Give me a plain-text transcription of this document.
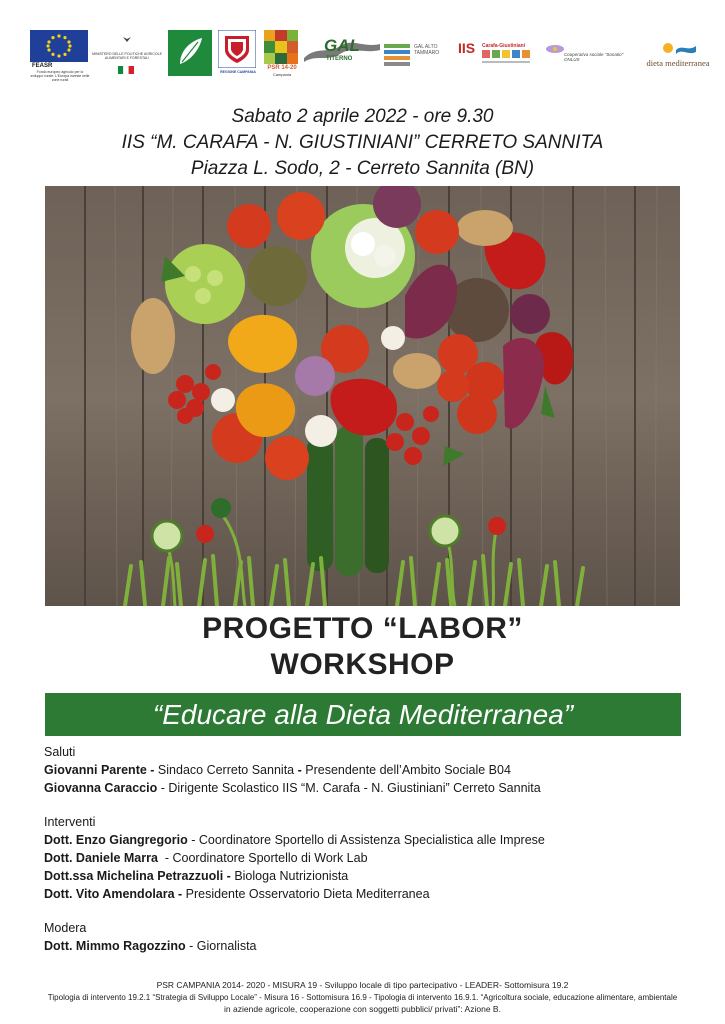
FEASR
Fondo europeo agricolo per lo sviluppo rurale: L'Europa investe nelle zone rurali
MINISTERO DELLE POLITICHE AGRICOLE ALIMENTARI E FORESTALI
REGIONE CAMPANIA
PSR 14-20
Campania
GAL
TITERNO
GAL ALTO TAMMARO	IIS Carafa-Giustiniani
Cooperativa sociale "Sonatio" ONLUS	dieta mediterranea
Sabato 2 aprile 2022 - ore 9.30
IIS “M. CARAFA - N. GIUSTINIANI” CERRETO SANNITA
Piazza L. Sodo, 2 - Cerreto Sannita (BN)
PROGETTO “LABOR”
WORKSHOP
“Educare alla Dieta Mediterranea”
Saluti
Giovanni Parente - Sindaco Cerreto Sannita - Presendente dell’Ambito Sociale B04
Giovanna Caraccio - Dirigente Scolastico IIS “M. Carafa - N. Giustiniani” Cerreto Sannita
Interventi
Dott. Enzo Giangregorio - Coordinatore Sportello di Assistenza Specialistica alle Imprese
Dott. Daniele Marra  - Coordinatore Sportello di Work Lab
Dott.ssa Michelina Petrazzuoli - Biologa Nutrizionista
Dott. Vito Amendolara - Presidente Osservatorio Dieta Mediterranea
Modera
Dott. Mimmo Ragozzino - Giornalista
PSR CAMPANIA 2014- 2020 - MISURA 19 - Sviluppo locale di tipo partecipativo - LEADER- Sottomisura 19.2
Tipologia di intervento 19.2.1 “Strategia di Sviluppo Locale” - Misura 16 - Sottomisura 16.9 - Tipologia di intervento 16.9.1. “Agricoltura sociale, educazione alimentare, ambientale
in aziende agricole, cooperazione con soggetti pubblici/ privati”: Azione B.
